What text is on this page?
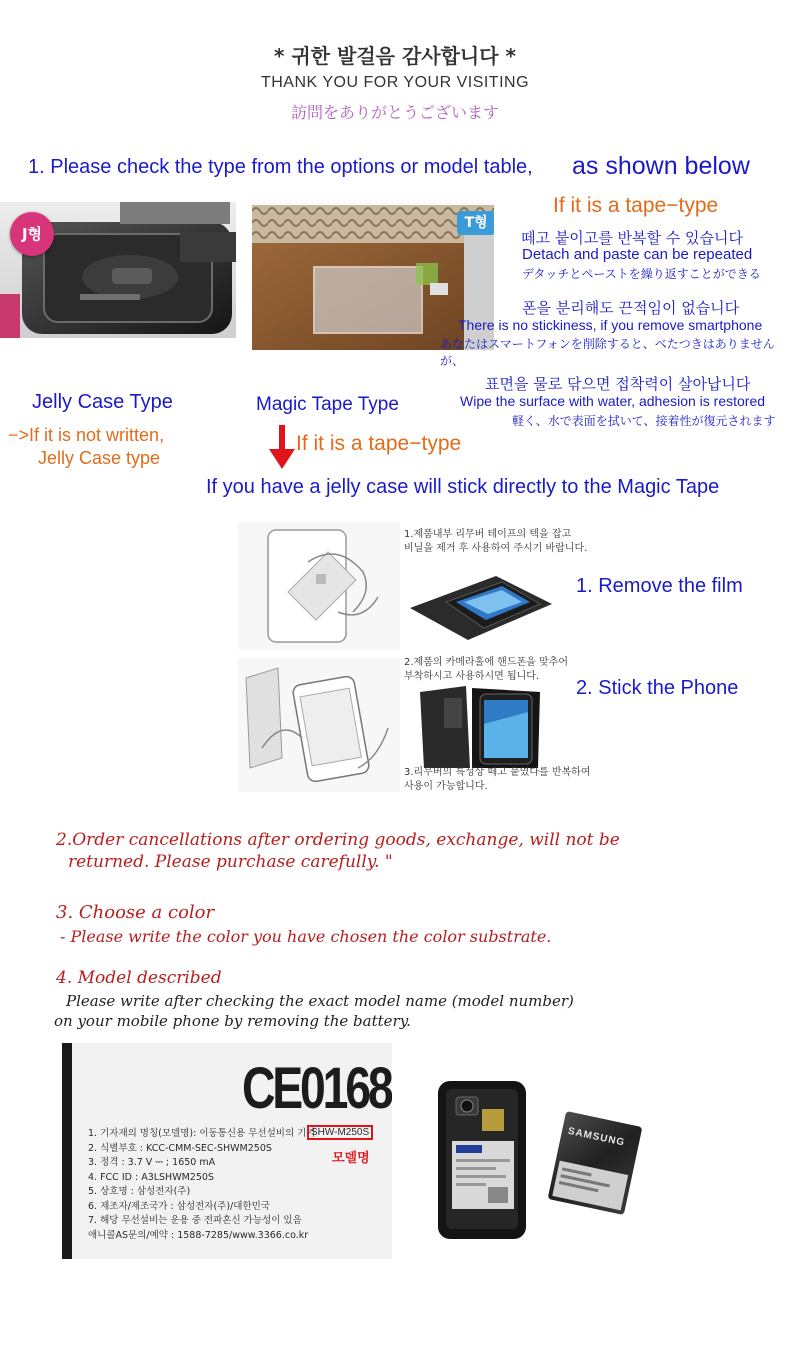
* 귀한 발걸음 감사합니다 *
THANK YOU FOR YOUR VISITING
訪問をありがとうございます
1. Please check the type from the options or model table, as shown below
If it is a tape−type
J형
T형
떼고 붙이고를 반복할 수 있습니다
Detach and paste can be repeated
デタッチとペーストを繰り返すことができる
폰을 분리해도 끈적임이 없습니다
There is no stickiness, if you remove smartphone
あなたはスマートフォンを削除すると、べたつきはありませんが、
표면을 물로 닦으면 접착력이 살아납니다
Wipe the surface with water, adhesion is restored
軽く、水で表面を拭いて、接着性が復元されます
Jelly Case Type
−>If it is not written,
Jelly Case type
Magic Tape Type
If it is a tape−type
If you have a jelly case will stick directly to the Magic Tape
1.제품내부 리무버 테이프의 텍을 잡고
비닐을 제거 후 사용하여 주시기 바랍니다.
2.제품의 카메라홀에 핸드폰을 맞추어
부착하시고 사용하시면 됩니다.
3.리무버의 특성상 떼고 붙였다를 반복하여
사용이 가능합니다.
1. Remove the film
2. Stick the Phone
2.Order cancellations after ordering goods, exchange, will not be
returned. Please purchase carefully. "
3. Choose a color
- Please write the color you have chosen the color substrate.
4. Model described
Please write after checking the exact model name (model number)
on your mobile phone by removing the battery.
CE0168
1. 기자재의 명칭(모델명): 이동통신용 무선설비의 기기
2. 식별부호 : KCC-CMM-SEC-SHWM250S
3. 정격 : 3.7 V ⎓ ; 1650 mA
4. FCC ID : A3LSHWM250S
5. 상호명 : 삼성전자(주)
6. 제조자/제조국가 : 삼성전자(주)/대한민국
7. 해당 무선설비는 운용 중 전파혼신 가능성이 있음
애니콜AS문의/예약 : 1588-7285/www.3366.co.kr
SHW-M250S
모델명
SAMSUNG
